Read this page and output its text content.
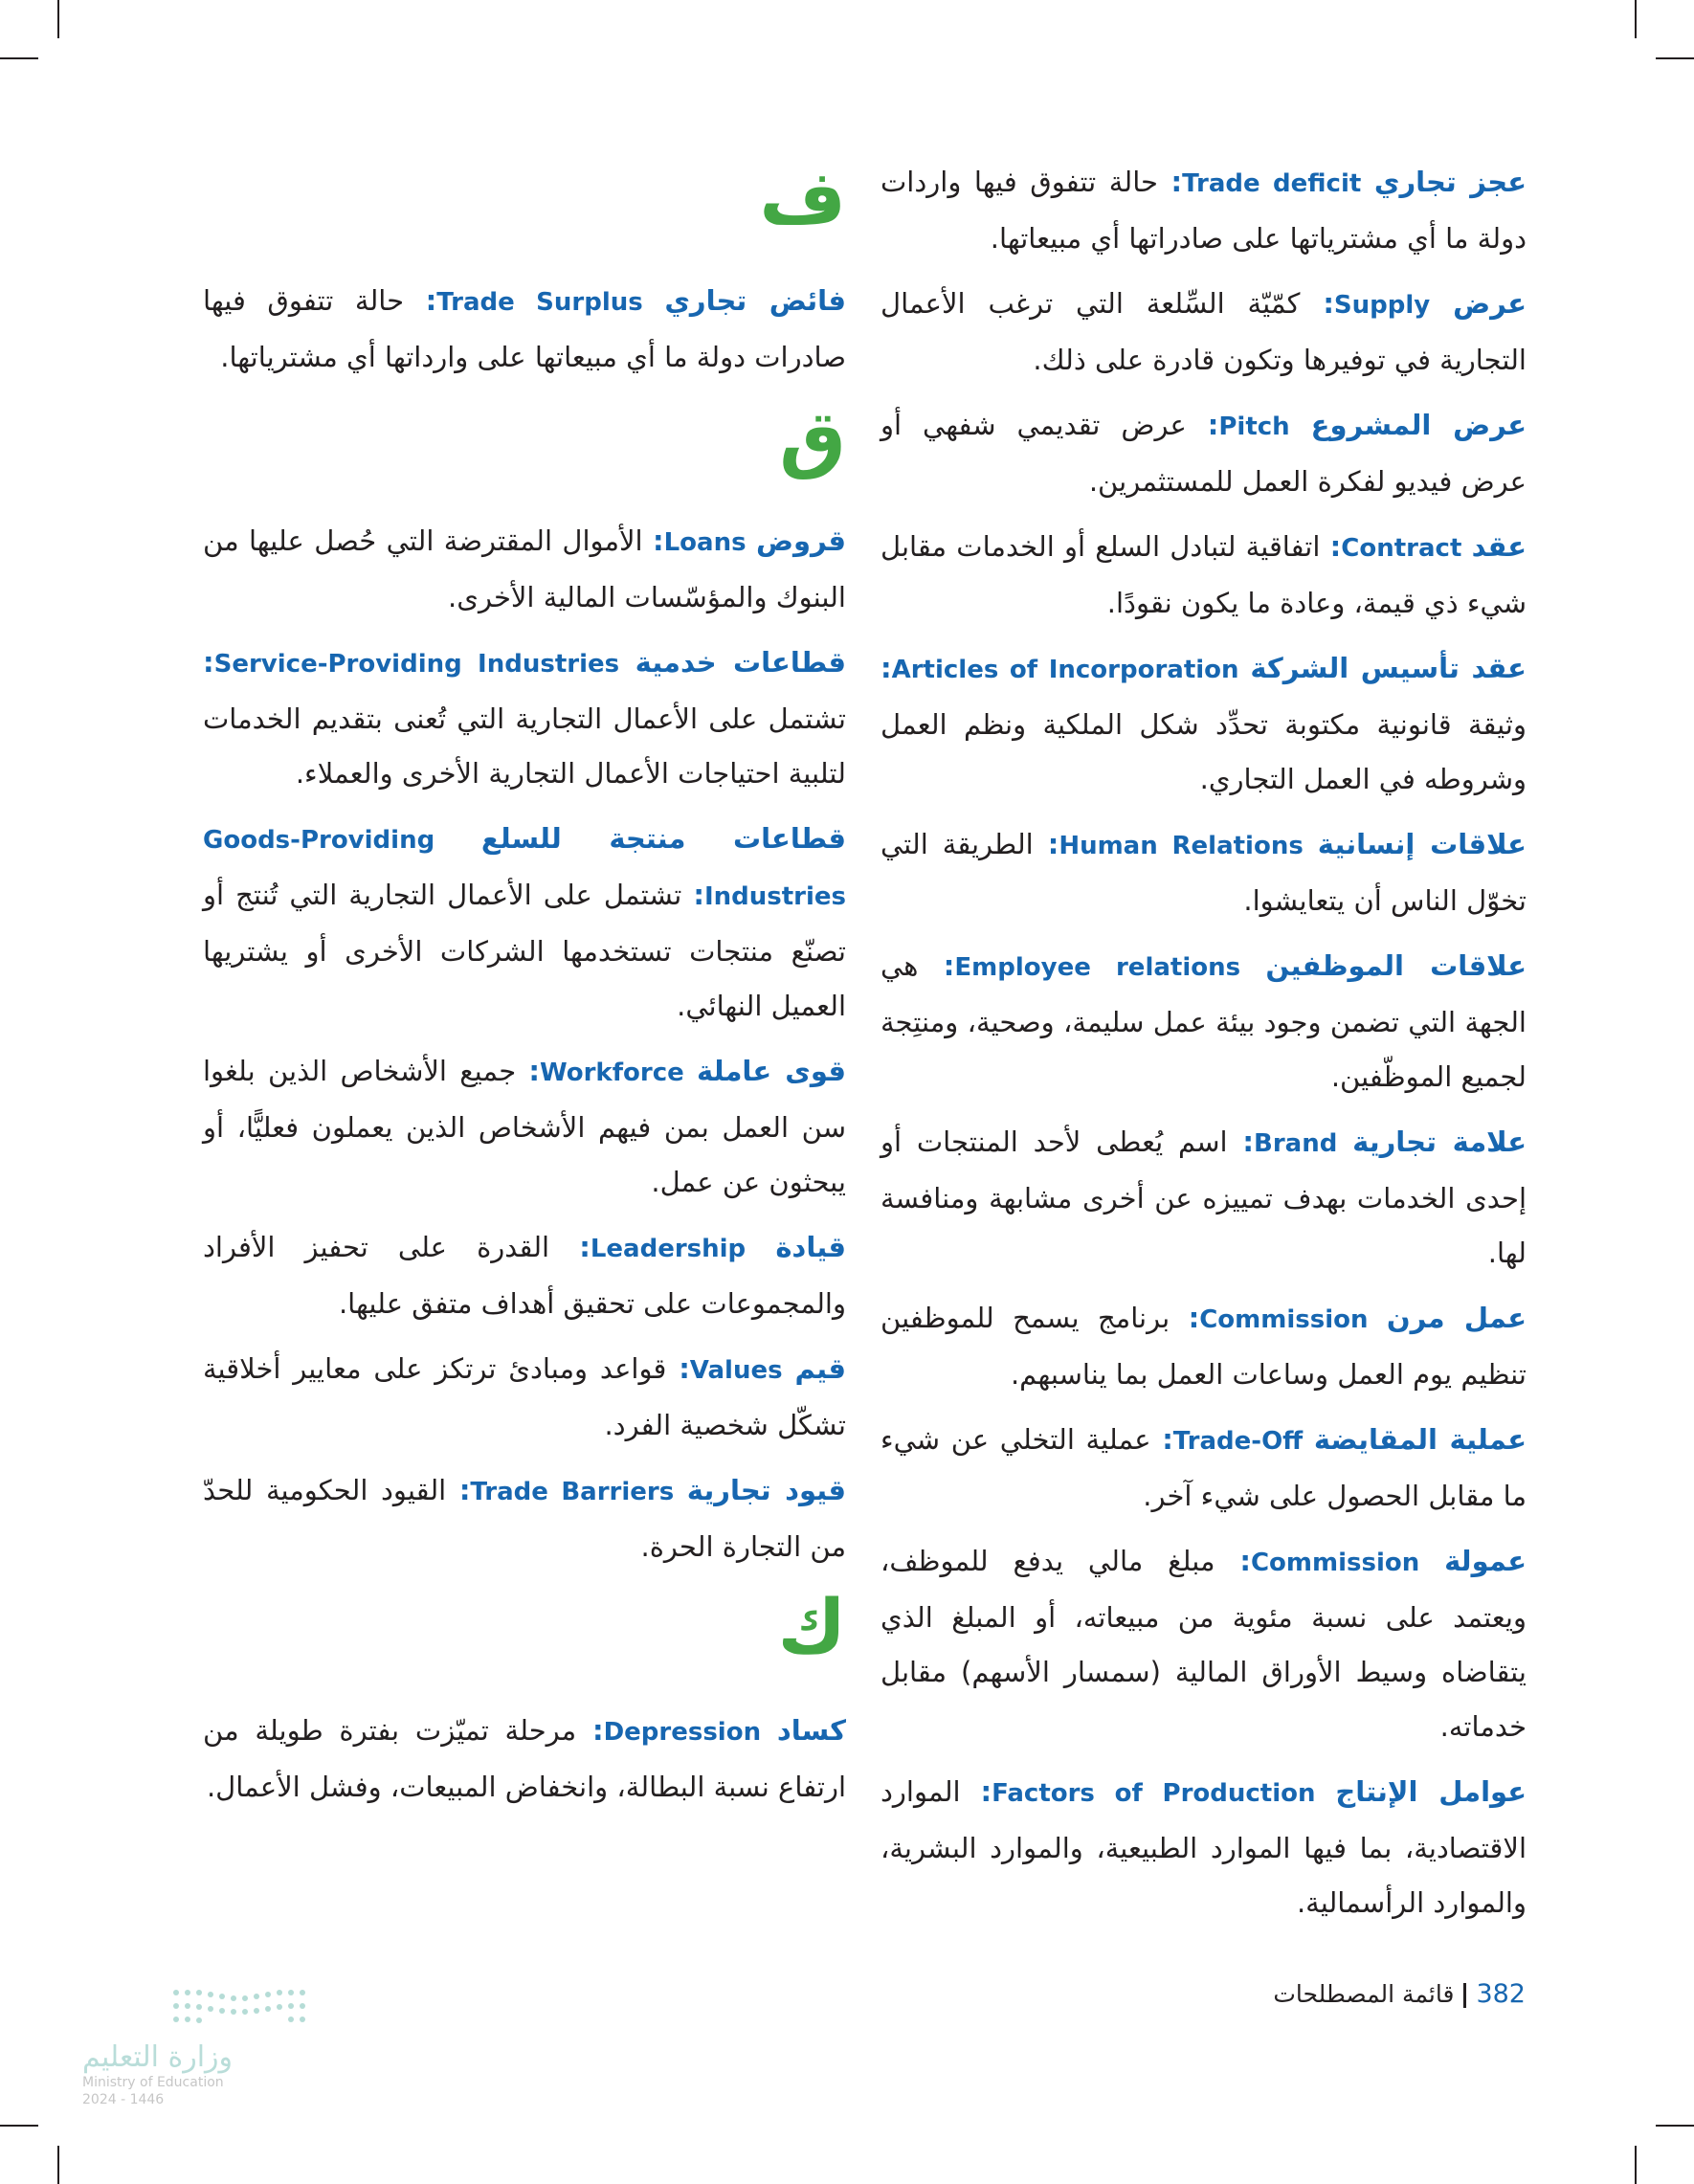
عجز تجاري Trade deficit: حالة تتفوق فيها واردات دولة ما أي مشترياتها على صادراتها أي مبيعاتها.
عرض Supply: كمّيّة السِّلعة التي ترغب الأعمال التجارية في توفيرها وتكون قادرة على ذلك.
عرض المشروع Pitch: عرض تقديمي شفهي أو عرض فيديو لفكرة العمل للمستثمرين.
عقد Contract: اتفاقية لتبادل السلع أو الخدمات مقابل شيء ذي قيمة، وعادة ما يكون نقودًا.
عقد تأسيس الشركة Articles of Incorporation: وثيقة قانونية مكتوبة تحدِّد شكل الملكية ونظم العمل وشروطه في العمل التجاري.
علاقات إنسانية Human Relations: الطريقة التي تخوّل الناس أن يتعايشوا.
علاقات الموظفين Employee relations: هي الجهة التي تضمن وجود بيئة عمل سليمة، وصحية، ومنتِجة لجميع الموظّفين.
علامة تجارية Brand: اسم يُعطى لأحد المنتجات أو إحدى الخدمات بهدف تمييزه عن أخرى مشابهة ومنافسة لها.
عمل مرن Commission: برنامج يسمح للموظفين تنظيم يوم العمل وساعات العمل بما يناسبهم.
عملية المقايضة Trade-Off: عملية التخلي عن شيء ما مقابل الحصول على شيء آخر.
عمولة Commission: مبلغ مالي يدفع للموظف، ويعتمد على نسبة مئوية من مبيعاته، أو المبلغ الذي يتقاضاه وسيط الأوراق المالية (سمسار الأسهم) مقابل خدماته.
عوامل الإنتاج Factors of Production: الموارد الاقتصادية، بما فيها الموارد الطبيعية، والموارد البشرية، والموارد الرأسمالية.
ف
فائض تجاري Trade Surplus: حالة تتفوق فيها صادرات دولة ما أي مبيعاتها على وارداتها أي مشترياتها.
ق
قروض Loans: الأموال المقترضة التي حُصل عليها من البنوك والمؤسّسات المالية الأخرى.
قطاعات خدمية Service-Providing Industries: تشتمل على الأعمال التجارية التي تُعنى بتقديم الخدمات لتلبية احتياجات الأعمال التجارية الأخرى والعملاء.
قطاعات منتجة للسلع Goods-Providing Industries: تشتمل على الأعمال التجارية التي تُنتج أو تصنّع منتجات تستخدمها الشركات الأخرى أو يشتريها العميل النهائي.
قوى عاملة Workforce: جميع الأشخاص الذين بلغوا سن العمل بمن فيهم الأشخاص الذين يعملون فعليًّا، أو يبحثون عن عمل.
قيادة Leadership: القدرة على تحفيز الأفراد والمجموعات على تحقيق أهداف متفق عليها.
قيم Values: قواعد ومبادئ ترتكز على معايير أخلاقية تشكّل شخصية الفرد.
قيود تجارية Trade Barriers: القيود الحكومية للحدّ من التجارة الحرة.
ك
كساد Depression: مرحلة تميّزت بفترة طويلة من ارتفاع نسبة البطالة، وانخفاض المبيعات، وفشل الأعمال.
382قائمة المصطلحات
وزارة التعليم
Ministry of Education
2024 - 1446
